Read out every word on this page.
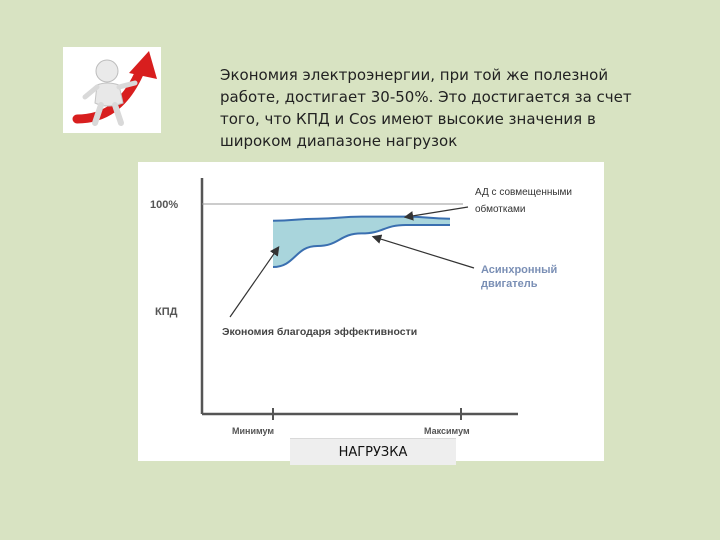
Экономия электроэнергии, при той же полезной
работе, достигает 30-50%. Это достигается за счет
того, что КПД и Cos имеют высокие значения в
широком диапазоне нагрузок

100%
КПД
Минимум	Максимум
АД с совмещенными
обмотками
Асинхронный
двигатель
Экономия благодаря эффективности
НАГРУЗКА
